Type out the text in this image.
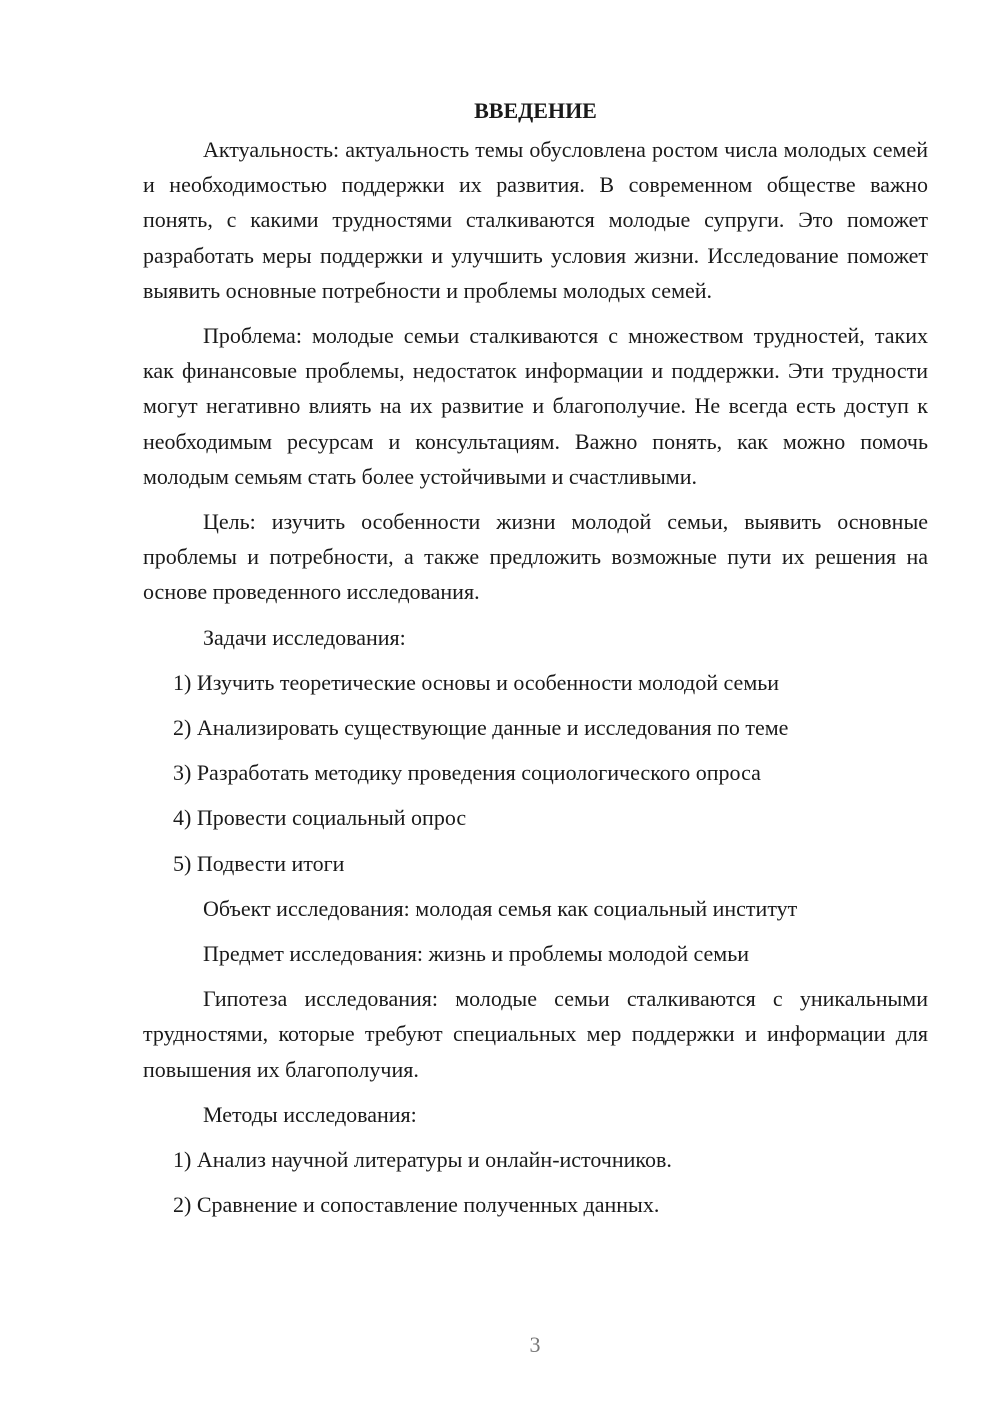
ВВЕДЕНИЕ

Актуальность: актуальность темы обусловлена ростом числа молодых семей и необходимостью поддержки их развития. В современном обществе важно понять, с какими трудностями сталкиваются молодые супруги. Это поможет разработать меры поддержки и улучшить условия жизни. Исследование поможет выявить основные потребности и проблемы молодых семей.

Проблема: молодые семьи сталкиваются с множеством трудностей, таких как финансовые проблемы, недостаток информации и поддержки. Эти трудности могут негативно влиять на их развитие и благополучие. Не всегда есть доступ к необходимым ресурсам и консультациям. Важно понять, как можно помочь молодым семьям стать более устойчивыми и счастливыми.

Цель: изучить особенности жизни молодой семьи, выявить основные проблемы и потребности, а также предложить возможные пути их решения на основе проведенного исследования.

Задачи исследования:

1) Изучить теоретические основы и особенности молодой семьи

2) Анализировать существующие данные и исследования по теме

3) Разработать методику проведения социологического опроса

4) Провести социальный опрос

5) Подвести итоги

Объект исследования: молодая семья как социальный институт

Предмет исследования: жизнь и проблемы молодой семьи

Гипотеза исследования: молодые семьи сталкиваются с уникальными трудностями, которые требуют специальных мер поддержки и информации для повышения их благополучия.

Методы исследования:

1) Анализ научной литературы и онлайн-источников.

2) Сравнение и сопоставление полученных данных.

3
